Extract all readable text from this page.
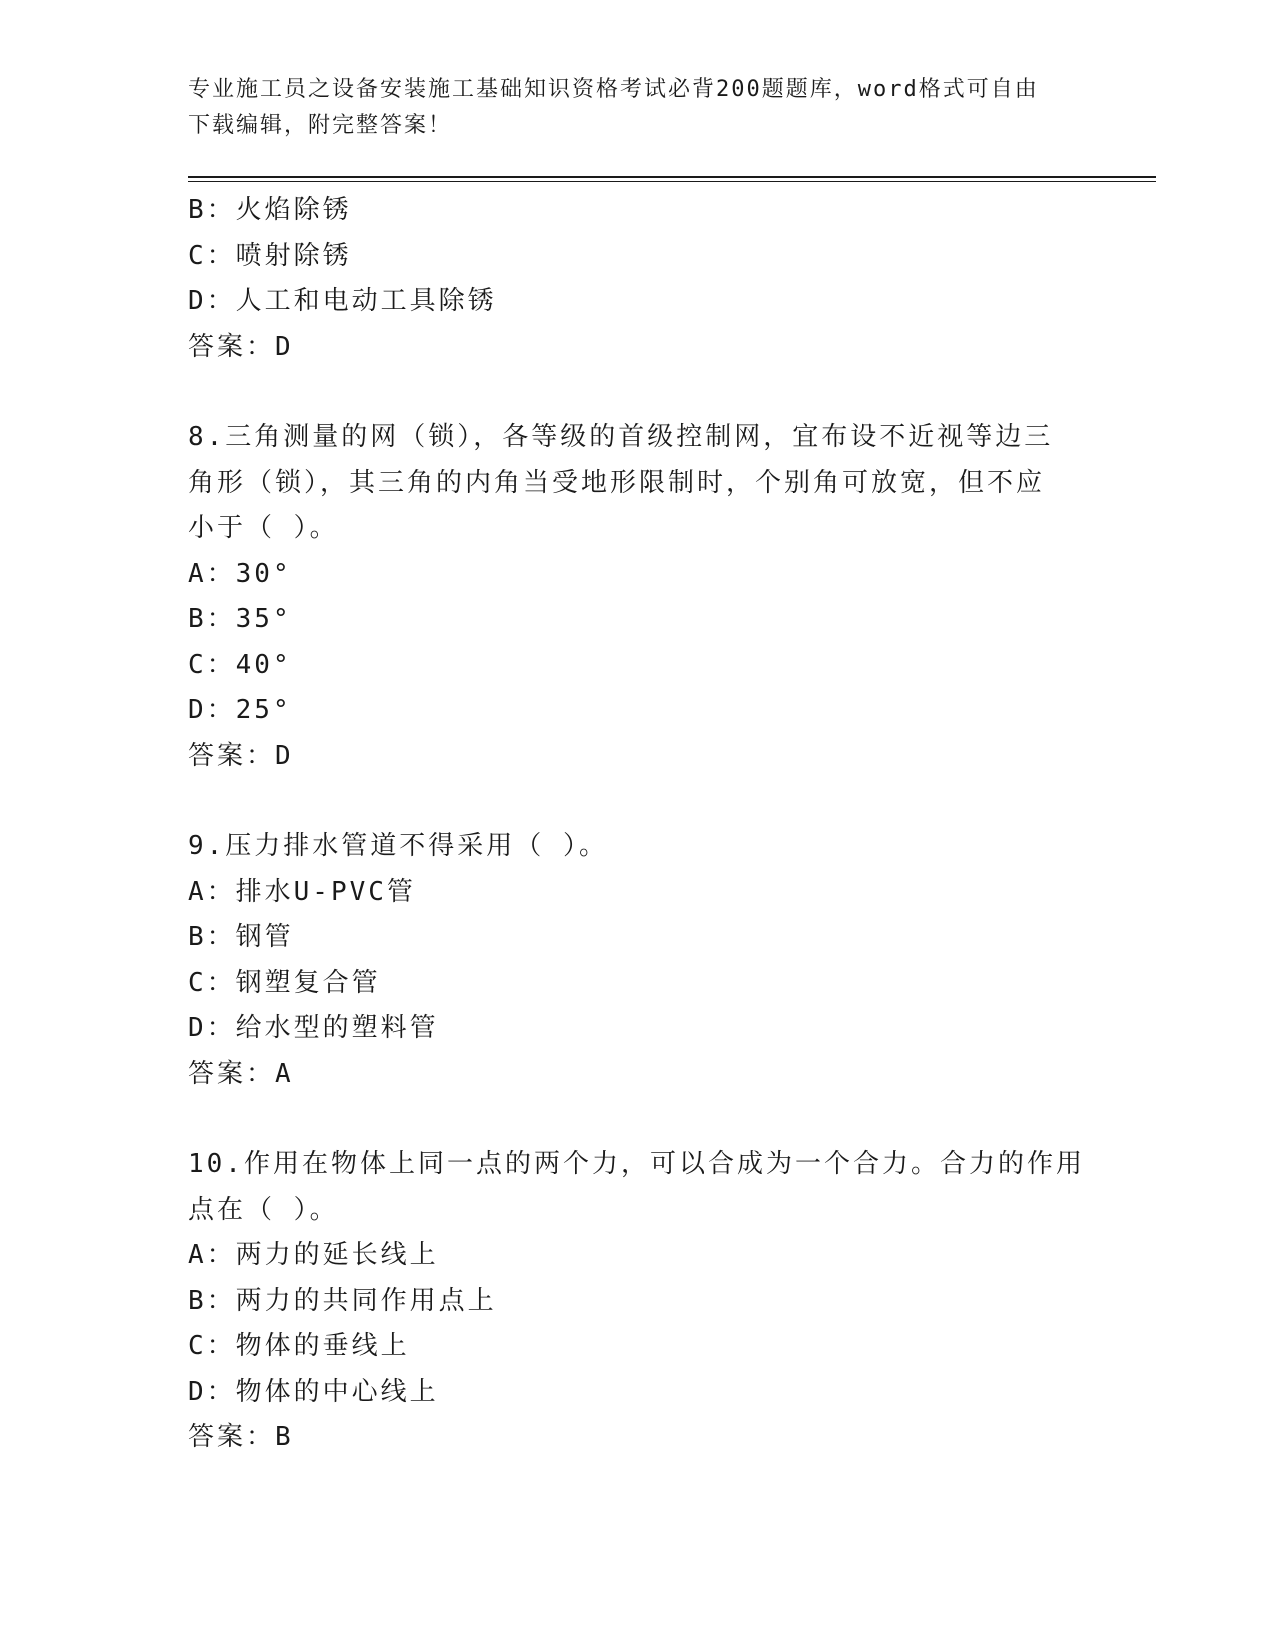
专业施工员之设备安装施工基础知识资格考试必背200题题库，word格式可自由
下载编辑，附完整答案！
B：火焰除锈
C：喷射除锈
D：人工和电动工具除锈
答案：D
8.三角测量的网（锁），各等级的首级控制网，宜布设不近视等边三
角形（锁），其三角的内角当受地形限制时，个别角可放宽，但不应
小于（ ）。
A：30°
B：35°
C：40°
D：25°
答案：D
9.压力排水管道不得采用（ ）。
A：排水U-PVC管
B：钢管
C：钢塑复合管
D：给水型的塑料管
答案：A
10.作用在物体上同一点的两个力，可以合成为一个合力。合力的作用
点在（ ）。
A：两力的延长线上
B：两力的共同作用点上
C：物体的垂线上
D：物体的中心线上
答案：B
